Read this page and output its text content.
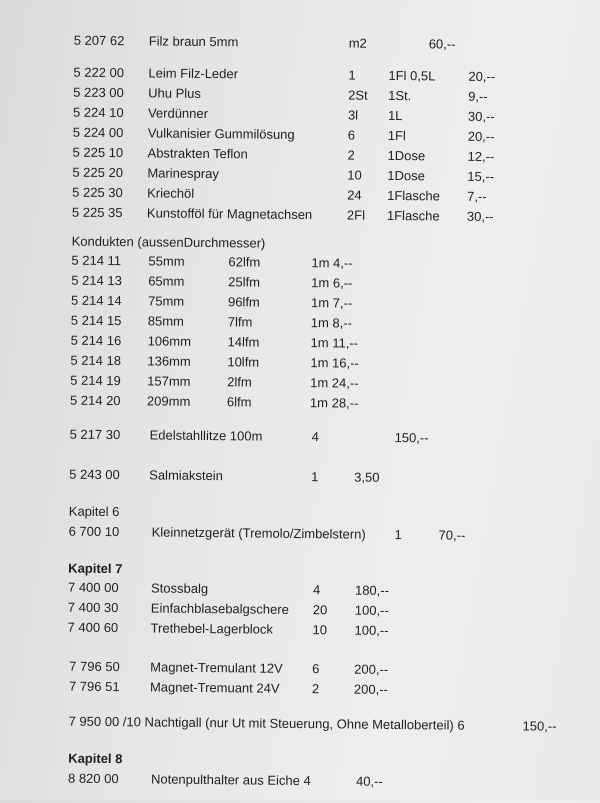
5 207 62 Filz braun 5mm	m2	60,--
5 222 00 Leim Filz-Leder	1	1Fl 0,5L	20,--
5 223 00 Uhu Plus	2St 1St.	9,--
5 224 10 Verdünner	3l 1L	30,--
5 224 00 Vulkanisier Gummilösung	6	1Fl	20,--
5 225 10 Abstrakten Teflon	2	1Dose	12,--
5 225 20 Marinespray	10 1Dose	15,--
5 225 30 Kriechöl	24 1Flasche 7,--
5 225 35 Kunstofföl für Magnetachsen	2Fl 1Flasche 30,--
Kondukten (aussenDurchmesser)
5 214 11 55mm	62lfm	1m 4,--
5 214 13 65mm	25lfm	1m 6,--
5 214 14 75mm	96lfm	1m 7,--
5 214 15 85mm	7lfm	1m 8,--
5 214 16 106mm	14lfm	1m 11,--
5 214 18 136mm	10lfm	1m 16,--
5 214 19 157mm	2lfm	1m 24,--
5 214 20 209mm	6lfm	1m 28,--
5 217 30 Edelstahllitze 100m	4	150,--
5 243 00 Salmiakstein	1	3,50
Kapitel 6
6 700 10 Kleinnetzgerät (Tremolo/Zimbelstern) 1	70,--
Kapitel 7
7 400 00 Stossbalg	4	180,--
7 400 30 Einfachblasebalgschere 20 100,--
7 400 60 Trethebel-Lagerblock	10 100,--
7 796 50 Magnet-Tremulant 12V 6	200,--
7 796 51 Magnet-Tremuant 24V 2	200,--
7 950 00 /10 Nachtigall (nur Ut mit Steuerung, Ohne Metalloberteil) 6	150,--
Kapitel 8
8 820 00 Notenpulthalter aus Eiche 4	40,--
